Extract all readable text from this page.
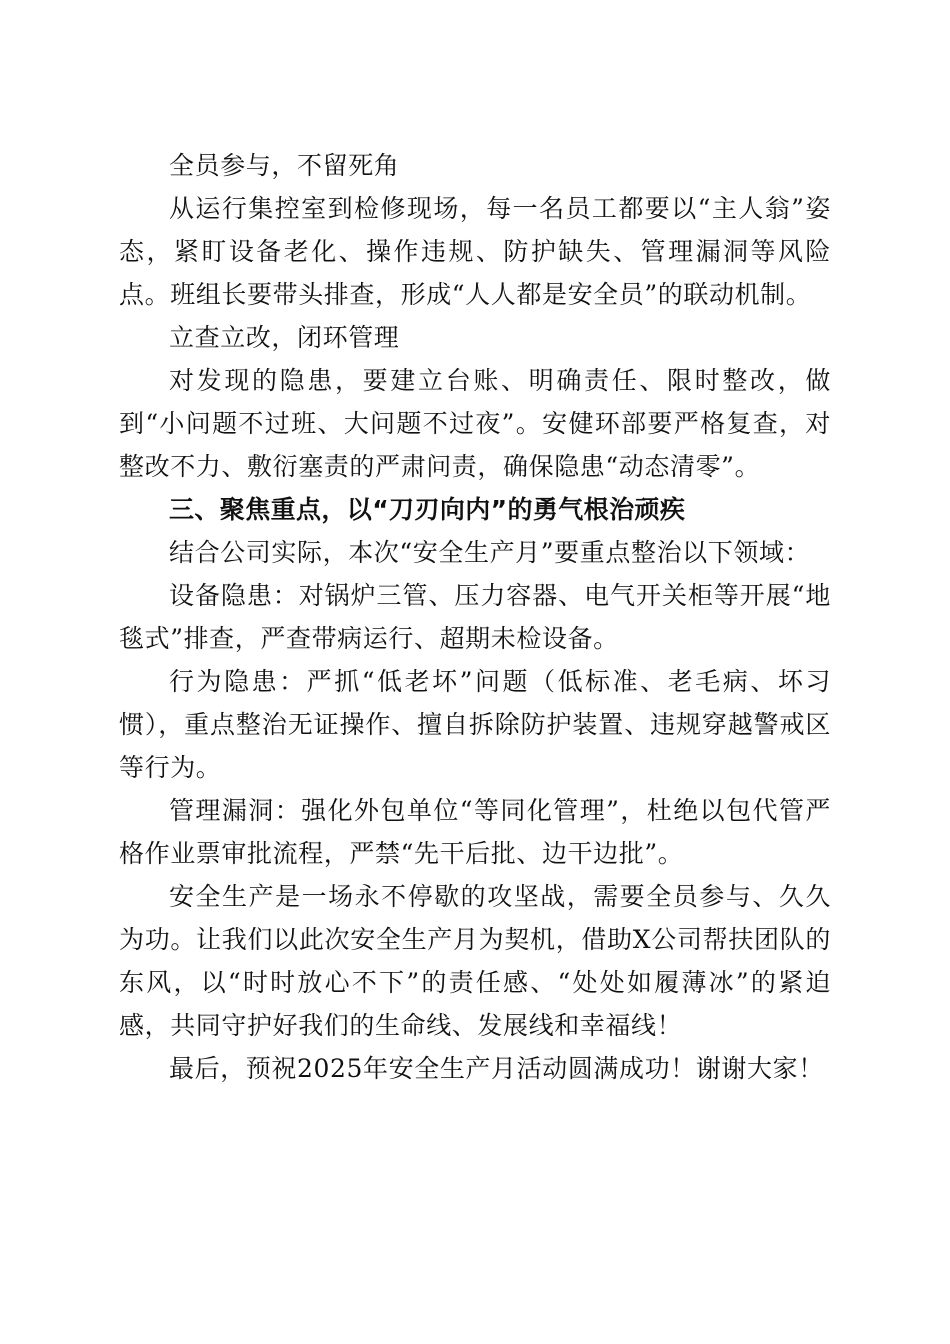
全员参与，不留死角

从运行集控室到检修现场，每一名员工都要以“主人翁”姿态，紧盯设备老化、操作违规、防护缺失、管理漏洞等风险点。班组长要带头排查，形成“人人都是安全员”的联动机制。

立查立改，闭环管理

对发现的隐患，要建立台账、明确责任、限时整改，做到“小问题不过班、大问题不过夜”。安健环部要严格复查，对整改不力、敷衍塞责的严肃问责，确保隐患“动态清零”。

三、聚焦重点，以“刀刃向内”的勇气根治顽疾

结合公司实际，本次“安全生产月”要重点整治以下领域：

设备隐患：对锅炉三管、压力容器、电气开关柜等开展“地毯式”排查，严查带病运行、超期未检设备。

行为隐患：严抓“低老坏”问题（低标准、老毛病、坏习惯），重点整治无证操作、擅自拆除防护装置、违规穿越警戒区等行为。

管理漏洞：强化外包单位“等同化管理”，杜绝以包代管严格作业票审批流程，严禁“先干后批、边干边批”。

安全生产是一场永不停歇的攻坚战，需要全员参与、久久为功。让我们以此次安全生产月为契机，借助X公司帮扶团队的东风，以“时时放心不下”的责任感、“处处如履薄冰”的紧迫感，共同守护好我们的生命线、发展线和幸福线！

最后，预祝2025年安全生产月活动圆满成功！谢谢大家！
